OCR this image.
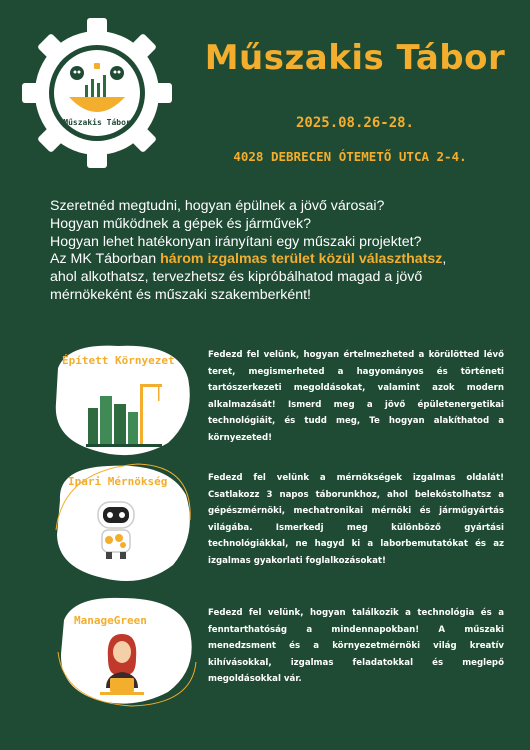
Műszakis Tábor
Műszakis Tábor
2025.08.26-28.
4028 DEBRECEN ÓTEMETŐ UTCA 2-4.

Szeretnéd megtudni, hogyan épülnek a jövő városai?

Hogyan működnek a gépek és járművek?

Hogyan lehet hatékonyan irányítani egy műszaki projektet?

Az MK Táborban három izgalmas terület közül választhatsz,

ahol alkothatsz, tervezhetsz és kipróbálhatod magad a jövő mérnökeként és műszaki szakemberként!

Épített Környezet	Fedezd fel velünk, hogyan értelmezheted a körülötted lévő teret, megismerheted a hagyományos és történeti tartószerkezeti megoldásokat, valamint azok modern alkalmazását! Ismerd meg a jövő épületenergetikai technológiáit, és tudd meg, Te hogyan alakíthatod a környezeted!
Ipari Mérnökség	Fedezd fel velünk a mérnökségek izgalmas oldalát! Csatlakozz 3 napos táborunkhoz, ahol belekóstolhatsz a gépészmérnöki, mechatronikai mérnöki és járműgyártás világába. Ismerkedj meg különböző gyártási technológiákkal, ne hagyd ki a laborbemutatókat és az izgalmas gyakorlati foglalkozásokat!
ManageGreen
Fedezd fel velünk, hogyan találkozik a technológia és a fenntarthatóság a mindennapokban! A műszaki menedzsment és a környezetmérnöki világ kreatív kihívásokkal, izgalmas feladatokkal és meglepő megoldásokkal vár.
